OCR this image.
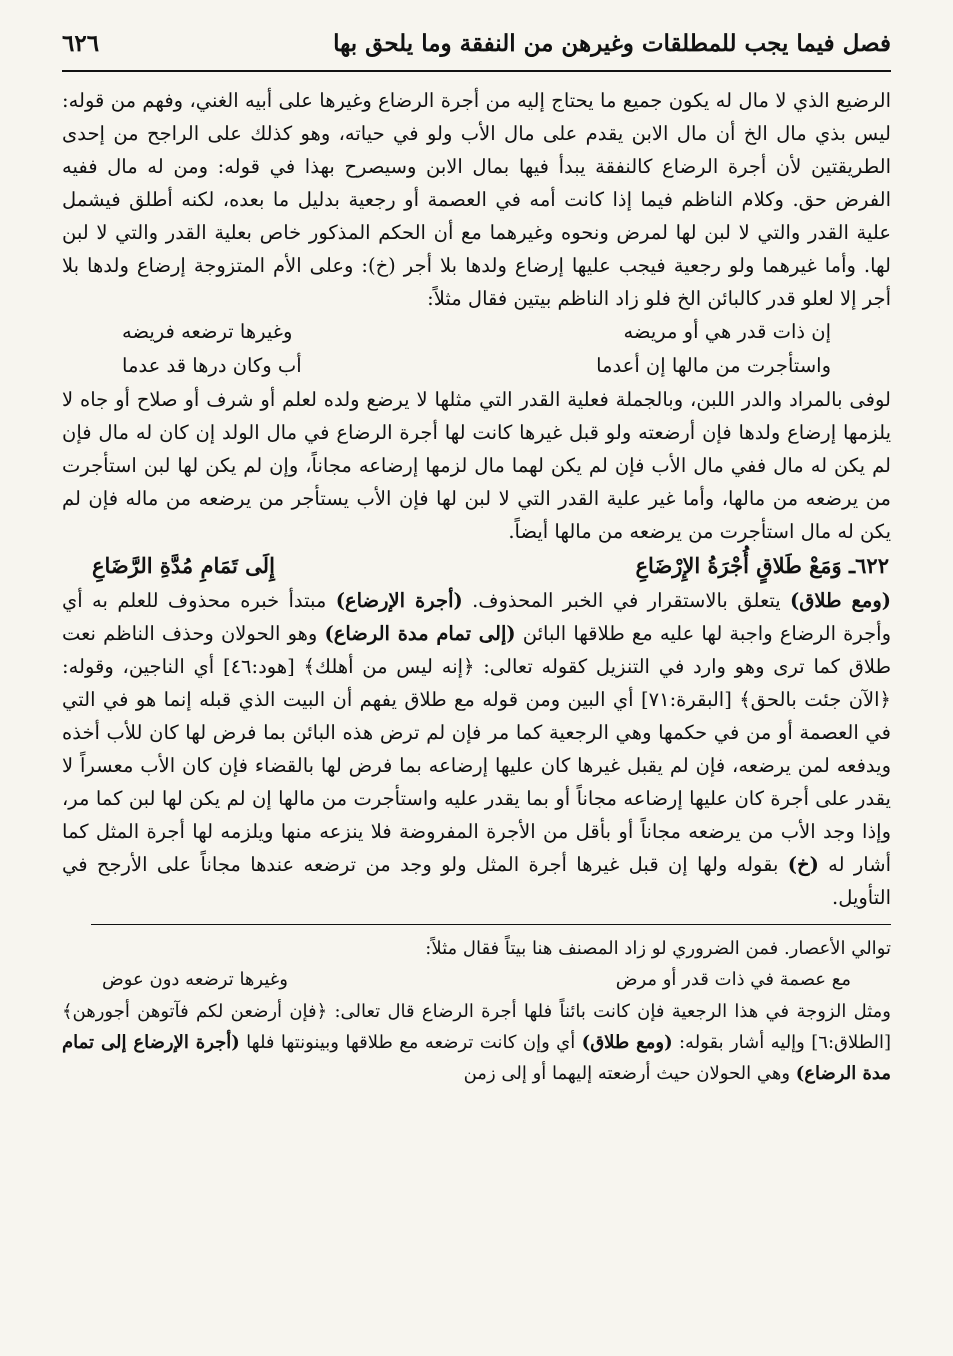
فصل فيما يجب للمطلقات وغيرهن من النفقة وما يلحق بها
٦٢٦

الرضيع الذي لا مال له يكون جميع ما يحتاج إليه من أجرة الرضاع وغيرها على أبيه الغني، وفهم من قوله: ليس بذي مال الخ أن مال الابن يقدم على مال الأب ولو في حياته، وهو كذلك على الراجح من إحدى الطريقتين لأن أجرة الرضاع كالنفقة يبدأ فيها بمال الابن وسيصرح بهذا في قوله: ومن له مال ففيه الفرض حق. وكلام الناظم فيما إذا كانت أمه في العصمة أو رجعية بدليل ما بعده، لكنه أطلق فيشمل علية القدر والتي لا لبن لها لمرض ونحوه وغيرهما مع أن الحكم المذكور خاص بعلية القدر والتي لا لبن لها. وأما غيرهما ولو رجعية فيجب عليها إرضاع ولدها بلا أجر (خ): وعلى الأم المتزوجة إرضاع ولدها بلا أجر إلا لعلو قدر كالبائن الخ فلو زاد الناظم بيتين فقال مثلاً:

إن ذات قدر هي أو مريضه
وغيرها ترضعه فريضه
واستأجرت من مالها إن أعدما
أب وكان درها قد عدما

لوفى بالمراد والدر اللبن، وبالجملة فعلية القدر التي مثلها لا يرضع ولده لعلم أو شرف أو صلاح أو جاه لا يلزمها إرضاع ولدها فإن أرضعته ولو قبل غيرها كانت لها أجرة الرضاع في مال الولد إن كان له مال فإن لم يكن له مال ففي مال الأب فإن لم يكن لهما مال لزمها إرضاعه مجاناً، وإن لم يكن لها لبن استأجرت من يرضعه من مالها، وأما غير علية القدر التي لا لبن لها فإن الأب يستأجر من يرضعه من ماله فإن لم يكن له مال استأجرت من يرضعه من مالها أيضاً.

٦٢٢ـ وَمَعْ طَلاقٍ أُجْرَةُ الإِرْضَاعِ
إِلَى تَمَامِ مُدَّةِ الرَّضَاعِ

(ومع طلاق) يتعلق بالاستقرار في الخبر المحذوف. (أجرة الإرضاع) مبتدأ خبره محذوف للعلم به أي وأجرة الرضاع واجبة لها عليه مع طلاقها البائن (إلى تمام مدة الرضاع) وهو الحولان وحذف الناظم نعت طلاق كما ترى وهو وارد في التنزيل كقوله تعالى: ﴿إنه ليس من أهلك﴾ [هود:٤٦] أي الناجين، وقوله: ﴿الآن جئت بالحق﴾ [البقرة:٧١] أي البين ومن قوله مع طلاق يفهم أن البيت الذي قبله إنما هو في التي في العصمة أو من في حكمها وهي الرجعية كما مر فإن لم ترض هذه البائن بما فرض لها كان للأب أخذه ويدفعه لمن يرضعه، فإن لم يقبل غيرها كان عليها إرضاعه بما فرض لها بالقضاء فإن كان الأب معسراً لا يقدر على أجرة كان عليها إرضاعه مجاناً أو بما يقدر عليه واستأجرت من مالها إن لم يكن لها لبن كما مر، وإذا وجد الأب من يرضعه مجاناً أو بأقل من الأجرة المفروضة فلا ينزعه منها ويلزمه لها أجرة المثل كما أشار له (خ) بقوله ولها إن قبل غيرها أجرة المثل ولو وجد من ترضعه عندها مجاناً على الأرجح في التأويل.

توالي الأعصار. فمن الضروري لو زاد المصنف هنا بيتاً فقال مثلاً:

مع عصمة في ذات قدر أو مرض
وغيرها ترضعه دون عوض

ومثل الزوجة في هذا الرجعية فإن كانت بائناً فلها أجرة الرضاع قال تعالى: ﴿فإن أرضعن لكم فآتوهن أجورهن﴾ [الطلاق:٦] وإليه أشار بقوله: (ومع طلاق) أي وإن كانت ترضعه مع طلاقها وبينونتها فلها (أجرة الإرضاع إلى تمام مدة الرضاع) وهي الحولان حيث أرضعته إليهما أو إلى زمن
